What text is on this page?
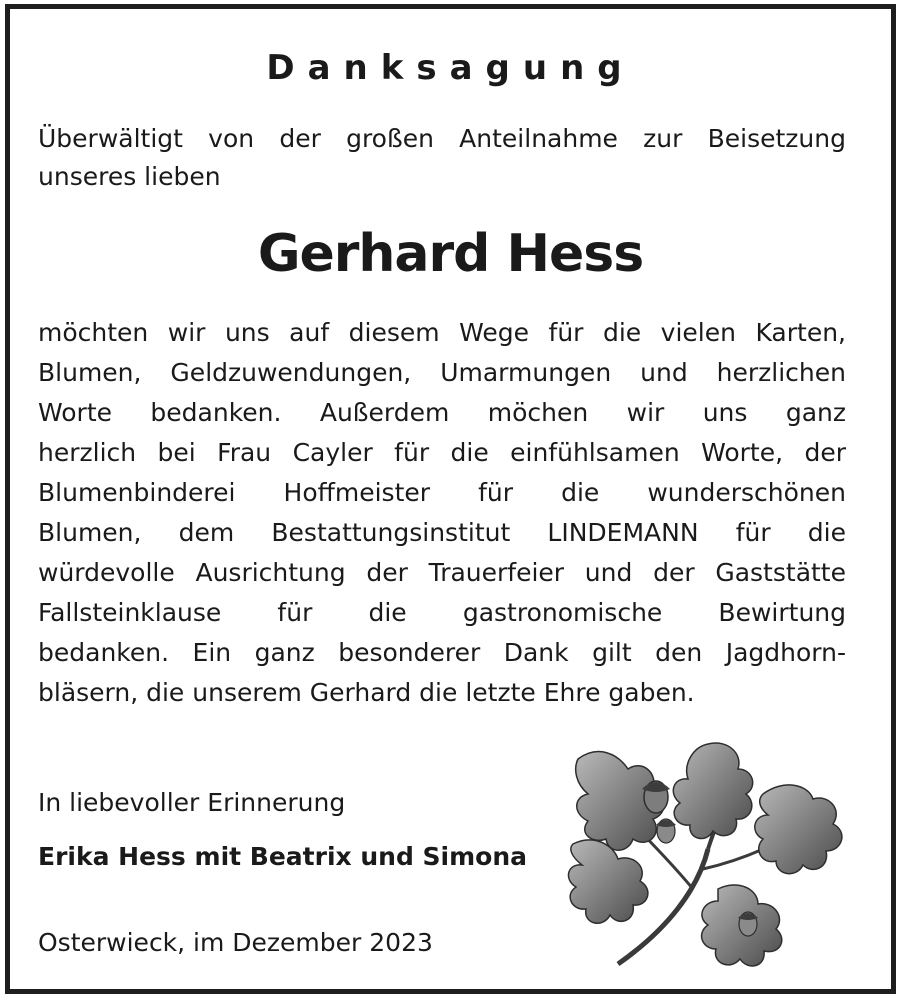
Danksagung
Überwältigt von der großen Anteilnahme zur Beisetzung
unseres lieben
Gerhard Hess
möchten wir uns auf diesem Wege für die vielen Karten,
Blumen, Geldzuwendungen, Umarmungen und herzlichen
Worte bedanken. Außerdem möchen wir uns ganz
herzlich bei Frau Cayler für die einfühlsamen Worte, der
Blumenbinderei Hoffmeister für die wunderschönen
Blumen, dem Bestattungsinstitut LINDEMANN für die
würdevolle Ausrichtung der Trauerfeier und der Gaststätte
Fallsteinklause für die gastronomische Bewirtung
bedanken. Ein ganz besonderer Dank gilt den Jagdhorn-
bläsern, die unserem Gerhard die letzte Ehre gaben.
In liebevoller Erinnerung
Erika Hess mit Beatrix und Simona
Osterwieck, im Dezember 2023
